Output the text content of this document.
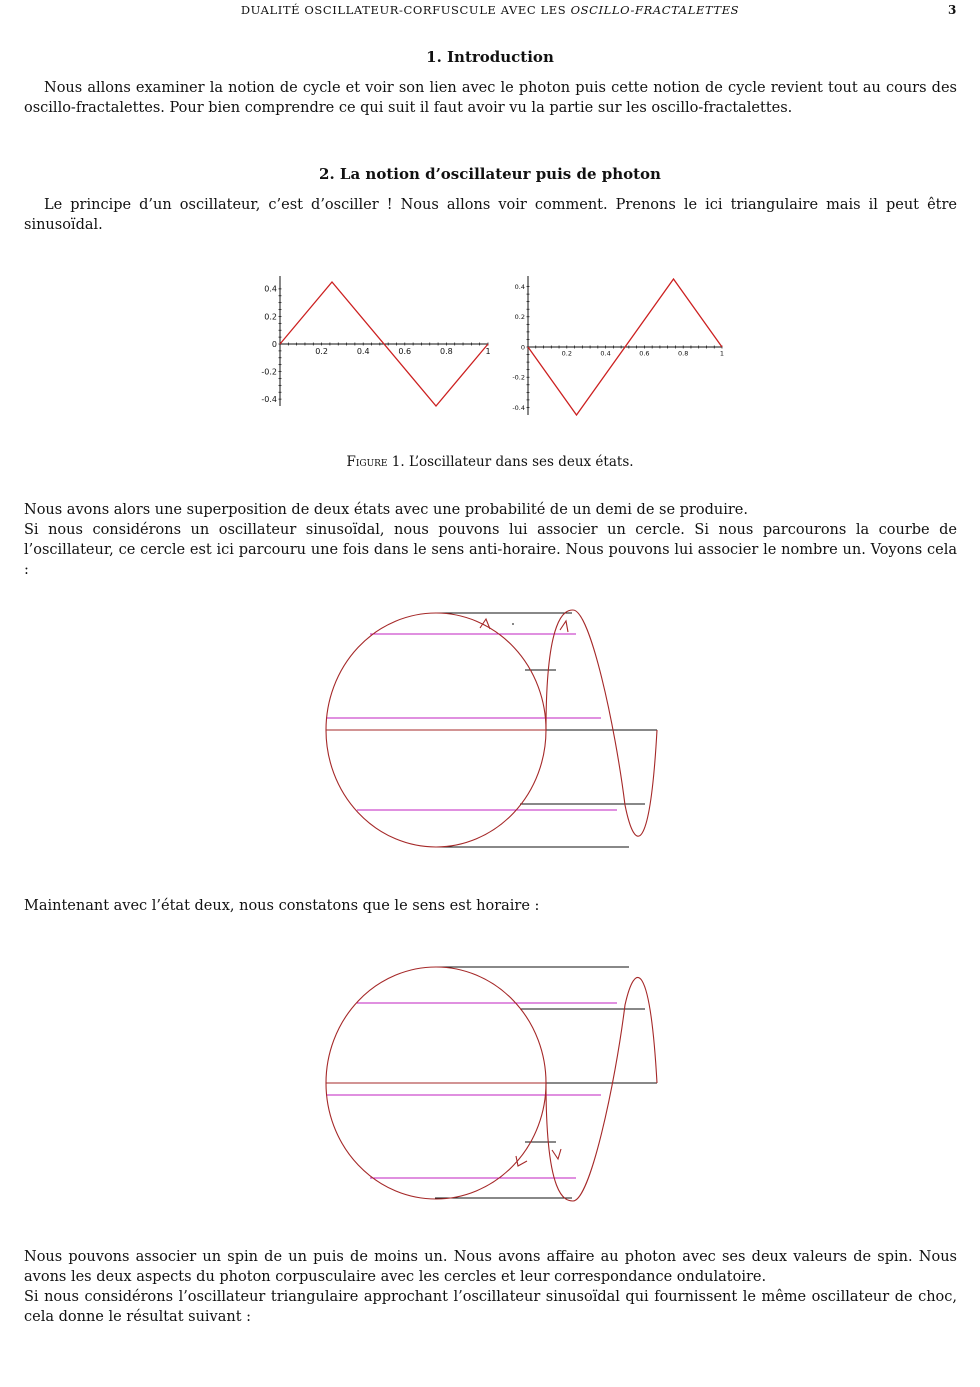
DUALITÉ OSCILLATEUR-CORFUSCULE AVEC LES OSCILLO-FRACTALETTES	3
1. Introduction

Nous allons examiner la notion de cycle et voir son lien avec le photon puis cette notion de cycle revient tout au cours des oscillo-fractalettes. Pour bien comprendre ce qui suit il faut avoir vu la partie sur les oscillo-fractalettes.

2. La notion d’oscillateur puis de photon

Le principe d’un oscillateur, c’est d’osciller ! Nous allons voir comment. Prenons le ici triangulaire mais il peut être sinusoïdal.

0.2	0.4	0.6	0.8	1
0.4
0.2
0
-0.2
-0.4
0.2	0.4	0.6	0.8	1
0.4
0.2
0
-0.2
-0.4
Figure 1. L’oscillateur dans ses deux états.

Nous avons alors une superposition de deux états avec une probabilité de un demi de se produire.

Si nous considérons un oscillateur sinusoïdal, nous pouvons lui associer un cercle. Si nous parcourons la courbe de l’oscillateur, ce cercle est ici parcouru une fois dans le sens anti-horaire. Nous pouvons lui associer le nombre un. Voyons cela :

Maintenant avec l’état deux, nous constatons que le sens est horaire :

Nous pouvons associer un spin de un puis de moins un. Nous avons affaire au photon avec ses deux valeurs de spin. Nous avons les deux aspects du photon corpusculaire avec les cercles et leur correspondance ondulatoire.

Si nous considérons l’oscillateur triangulaire approchant l’oscillateur sinusoïdal qui fournissent le même oscillateur de choc, cela donne le résultat suivant :
